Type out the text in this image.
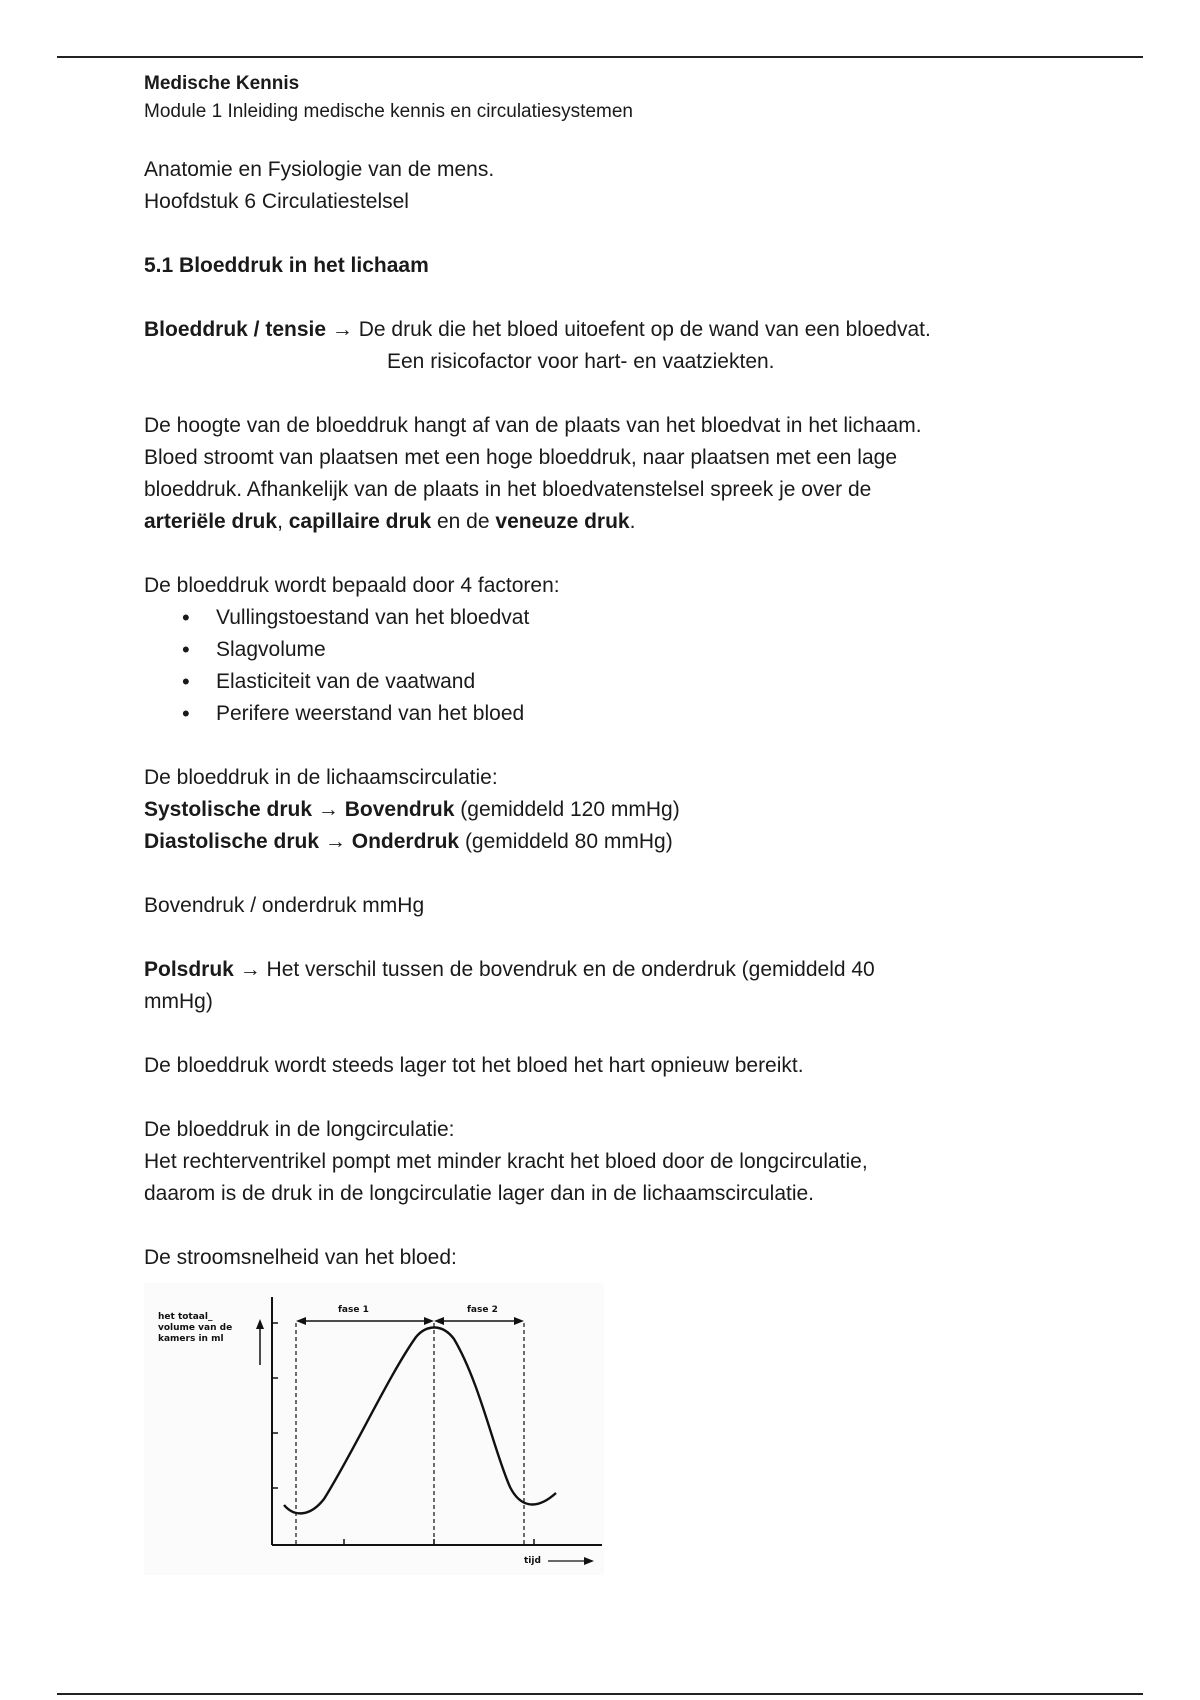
Medische Kennis

Module 1 Inleiding medische kennis en circulatiesystemen

Anatomie en Fysiologie van de mens.

Hoofdstuk 6 Circulatiestelsel

5.1 Bloeddruk in het lichaam

Bloeddruk / tensie → De druk die het bloed uitoefent op de wand van een bloedvat.

Een risicofactor voor hart- en vaatziekten.

De hoogte van de bloeddruk hangt af van de plaats van het bloedvat in het lichaam.

Bloed stroomt van plaatsen met een hoge bloeddruk, naar plaatsen met een lage

bloeddruk. Afhankelijk van de plaats in het bloedvatenstelsel spreek je over de

arteriële druk, capillaire druk en de veneuze druk.

De bloeddruk wordt bepaald door 4 factoren:

• Vullingstoestand van het bloedvat
• Slagvolume
• Elasticiteit van de vaatwand
• Perifere weerstand van het bloed

De bloeddruk in de lichaamscirculatie:

Systolische druk → Bovendruk (gemiddeld 120 mmHg)

Diastolische druk → Onderdruk (gemiddeld 80 mmHg)

Bovendruk / onderdruk mmHg

Polsdruk → Het verschil tussen de bovendruk en de onderdruk (gemiddeld 40

mmHg)

De bloeddruk wordt steeds lager tot het bloed het hart opnieuw bereikt.

De bloeddruk in de longcirculatie:

Het rechterventrikel pompt met minder kracht het bloed door de longcirculatie,

daarom is de druk in de longcirculatie lager dan in de lichaamscirculatie.

De stroomsnelheid van het bloed:

het totaal_
volume van de
kamers in ml
fase 1	fase 2
tijd
